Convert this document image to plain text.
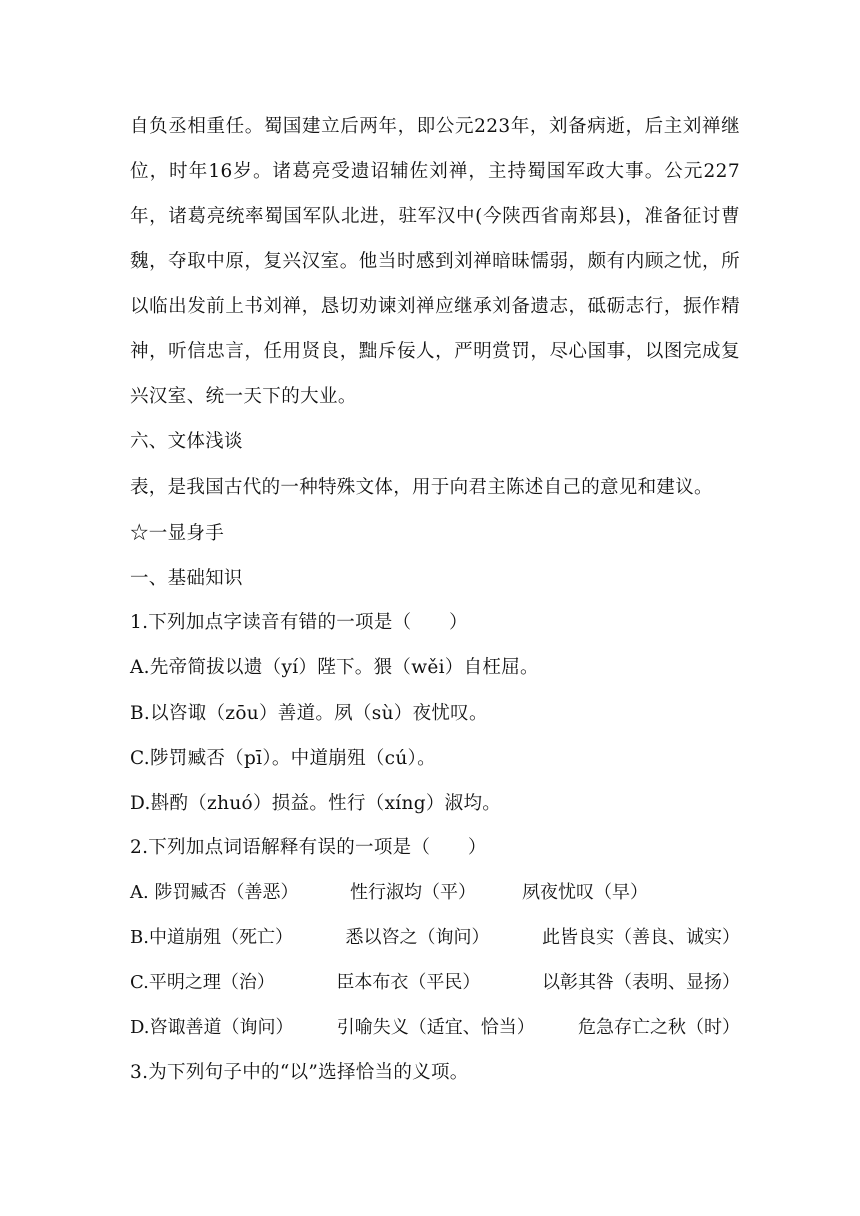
自负丞相重任。蜀国建立后两年，即公元223年，刘备病逝，后主刘禅继位，时年16岁。诸葛亮受遗诏辅佐刘禅，主持蜀国军政大事。公元227年，诸葛亮统率蜀国军队北进，驻军汉中(今陕西省南郑县)，准备征讨曹魏，夺取中原，复兴汉室。他当时感到刘禅暗昧懦弱，颇有内顾之忧，所以临出发前上书刘禅，恳切劝谏刘禅应继承刘备遗志，砥砺志行，振作精神，听信忠言，任用贤良，黜斥佞人，严明赏罚，尽心国事，以图完成复兴汉室、统一天下的大业。
六、文体浅谈
表，是我国古代的一种特殊文体，用于向君主陈述自己的意见和建议。
☆一显身手
一、基础知识
1.下列加点字读音有错的一项是（　　）
A.先帝简拔以遗（yí）陛下。猥（wěi）自枉屈。
B.以咨诹（zōu）善道。夙（sù）夜忧叹。
C.陟罚臧否（pī）。中道崩殂（cú）。
D.斟酌（zhuó）损益。性行（xíng）淑均。
2.下列加点词语解释有误的一项是（　　）
A. 陟罚臧否（善恶）	性行淑均（平）	夙夜忧叹（早）
B.中道崩殂（死亡）	悉以咨之（询问）	此皆良实（善良、诚实）
C.平明之理（治）	臣本布衣（平民）	以彰其咎（表明、显扬）
D.咨诹善道（询问） 引喻失义（适宜、恰当） 危急存亡之秋（时）
3.为下列句子中的“以”选择恰当的义项。
